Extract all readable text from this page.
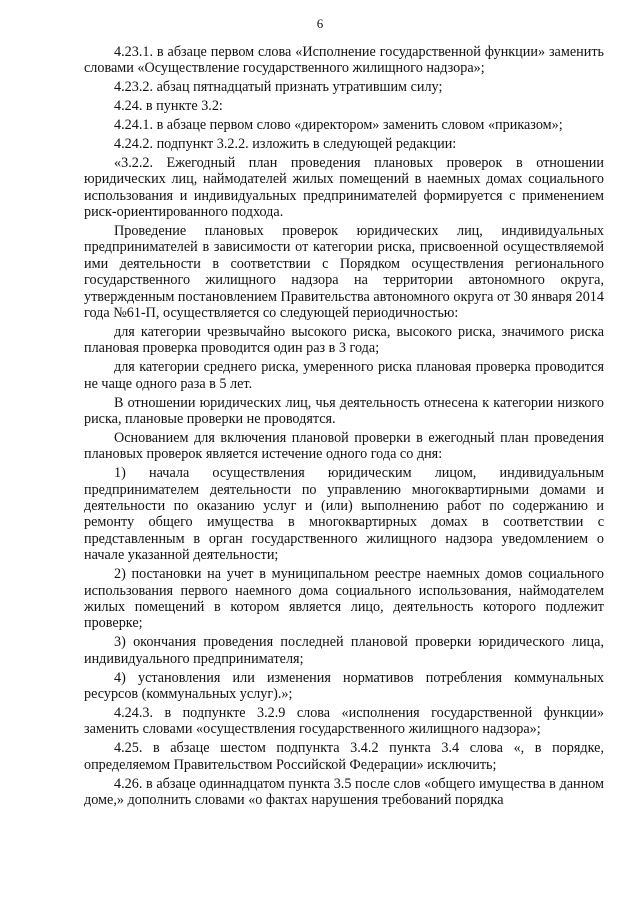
6

4.23.1. в абзаце первом слова «Исполнение государственной функции» заменить словами «Осуществление государственного жилищного надзора»;

4.23.2. абзац пятнадцатый признать утратившим силу;

4.24. в пункте 3.2:

4.24.1. в абзаце первом слово «директором» заменить словом «приказом»;

4.24.2. подпункт 3.2.2. изложить в следующей редакции:

«3.2.2. Ежегодный план проведения плановых проверок в отношении юридических лиц, наймодателей жилых помещений в наемных домах социального использования и индивидуальных предпринимателей формируется с применением риск-ориентированного подхода.

Проведение плановых проверок юридических лиц, индивидуальных предпринимателей в зависимости от категории риска, присвоенной осуществляемой ими деятельности в соответствии с Порядком осуществления регионального государственного жилищного надзора на территории автономного округа, утвержденным постановлением Правительства автономного округа от 30 января 2014 года №61-П, осуществляется со следующей периодичностью:

для категории чрезвычайно высокого риска, высокого риска, значимого риска плановая проверка проводится один раз в 3 года;

для категории среднего риска, умеренного риска плановая проверка проводится не чаще одного раза в 5 лет.

В отношении юридических лиц, чья деятельность отнесена к категории низкого риска, плановые проверки не проводятся.

Основанием для включения плановой проверки в ежегодный план проведения плановых проверок является истечение одного года со дня:

1) начала осуществления юридическим лицом, индивидуальным предпринимателем деятельности по управлению многоквартирными домами и деятельности по оказанию услуг и (или) выполнению работ по содержанию и ремонту общего имущества в многоквартирных домах в соответствии с представленным в орган государственного жилищного надзора уведомлением о начале указанной деятельности;

2) постановки на учет в муниципальном реестре наемных домов социального использования первого наемного дома социального использования, наймодателем жилых помещений в котором является лицо, деятельность которого подлежит проверке;

3) окончания проведения последней плановой проверки юридического лица, индивидуального предпринимателя;

4) установления или изменения нормативов потребления коммунальных ресурсов (коммунальных услуг).»;

4.24.3. в подпункте 3.2.9 слова «исполнения государственной функции» заменить словами «осуществления государственного жилищного надзора»;

4.25. в абзаце шестом подпункта 3.4.2 пункта 3.4 слова «, в порядке, определяемом Правительством Российской Федерации» исключить;

4.26. в абзаце одиннадцатом пункта 3.5 после слов «общего имущества в данном доме,» дополнить словами «о фактах нарушения требований порядка
